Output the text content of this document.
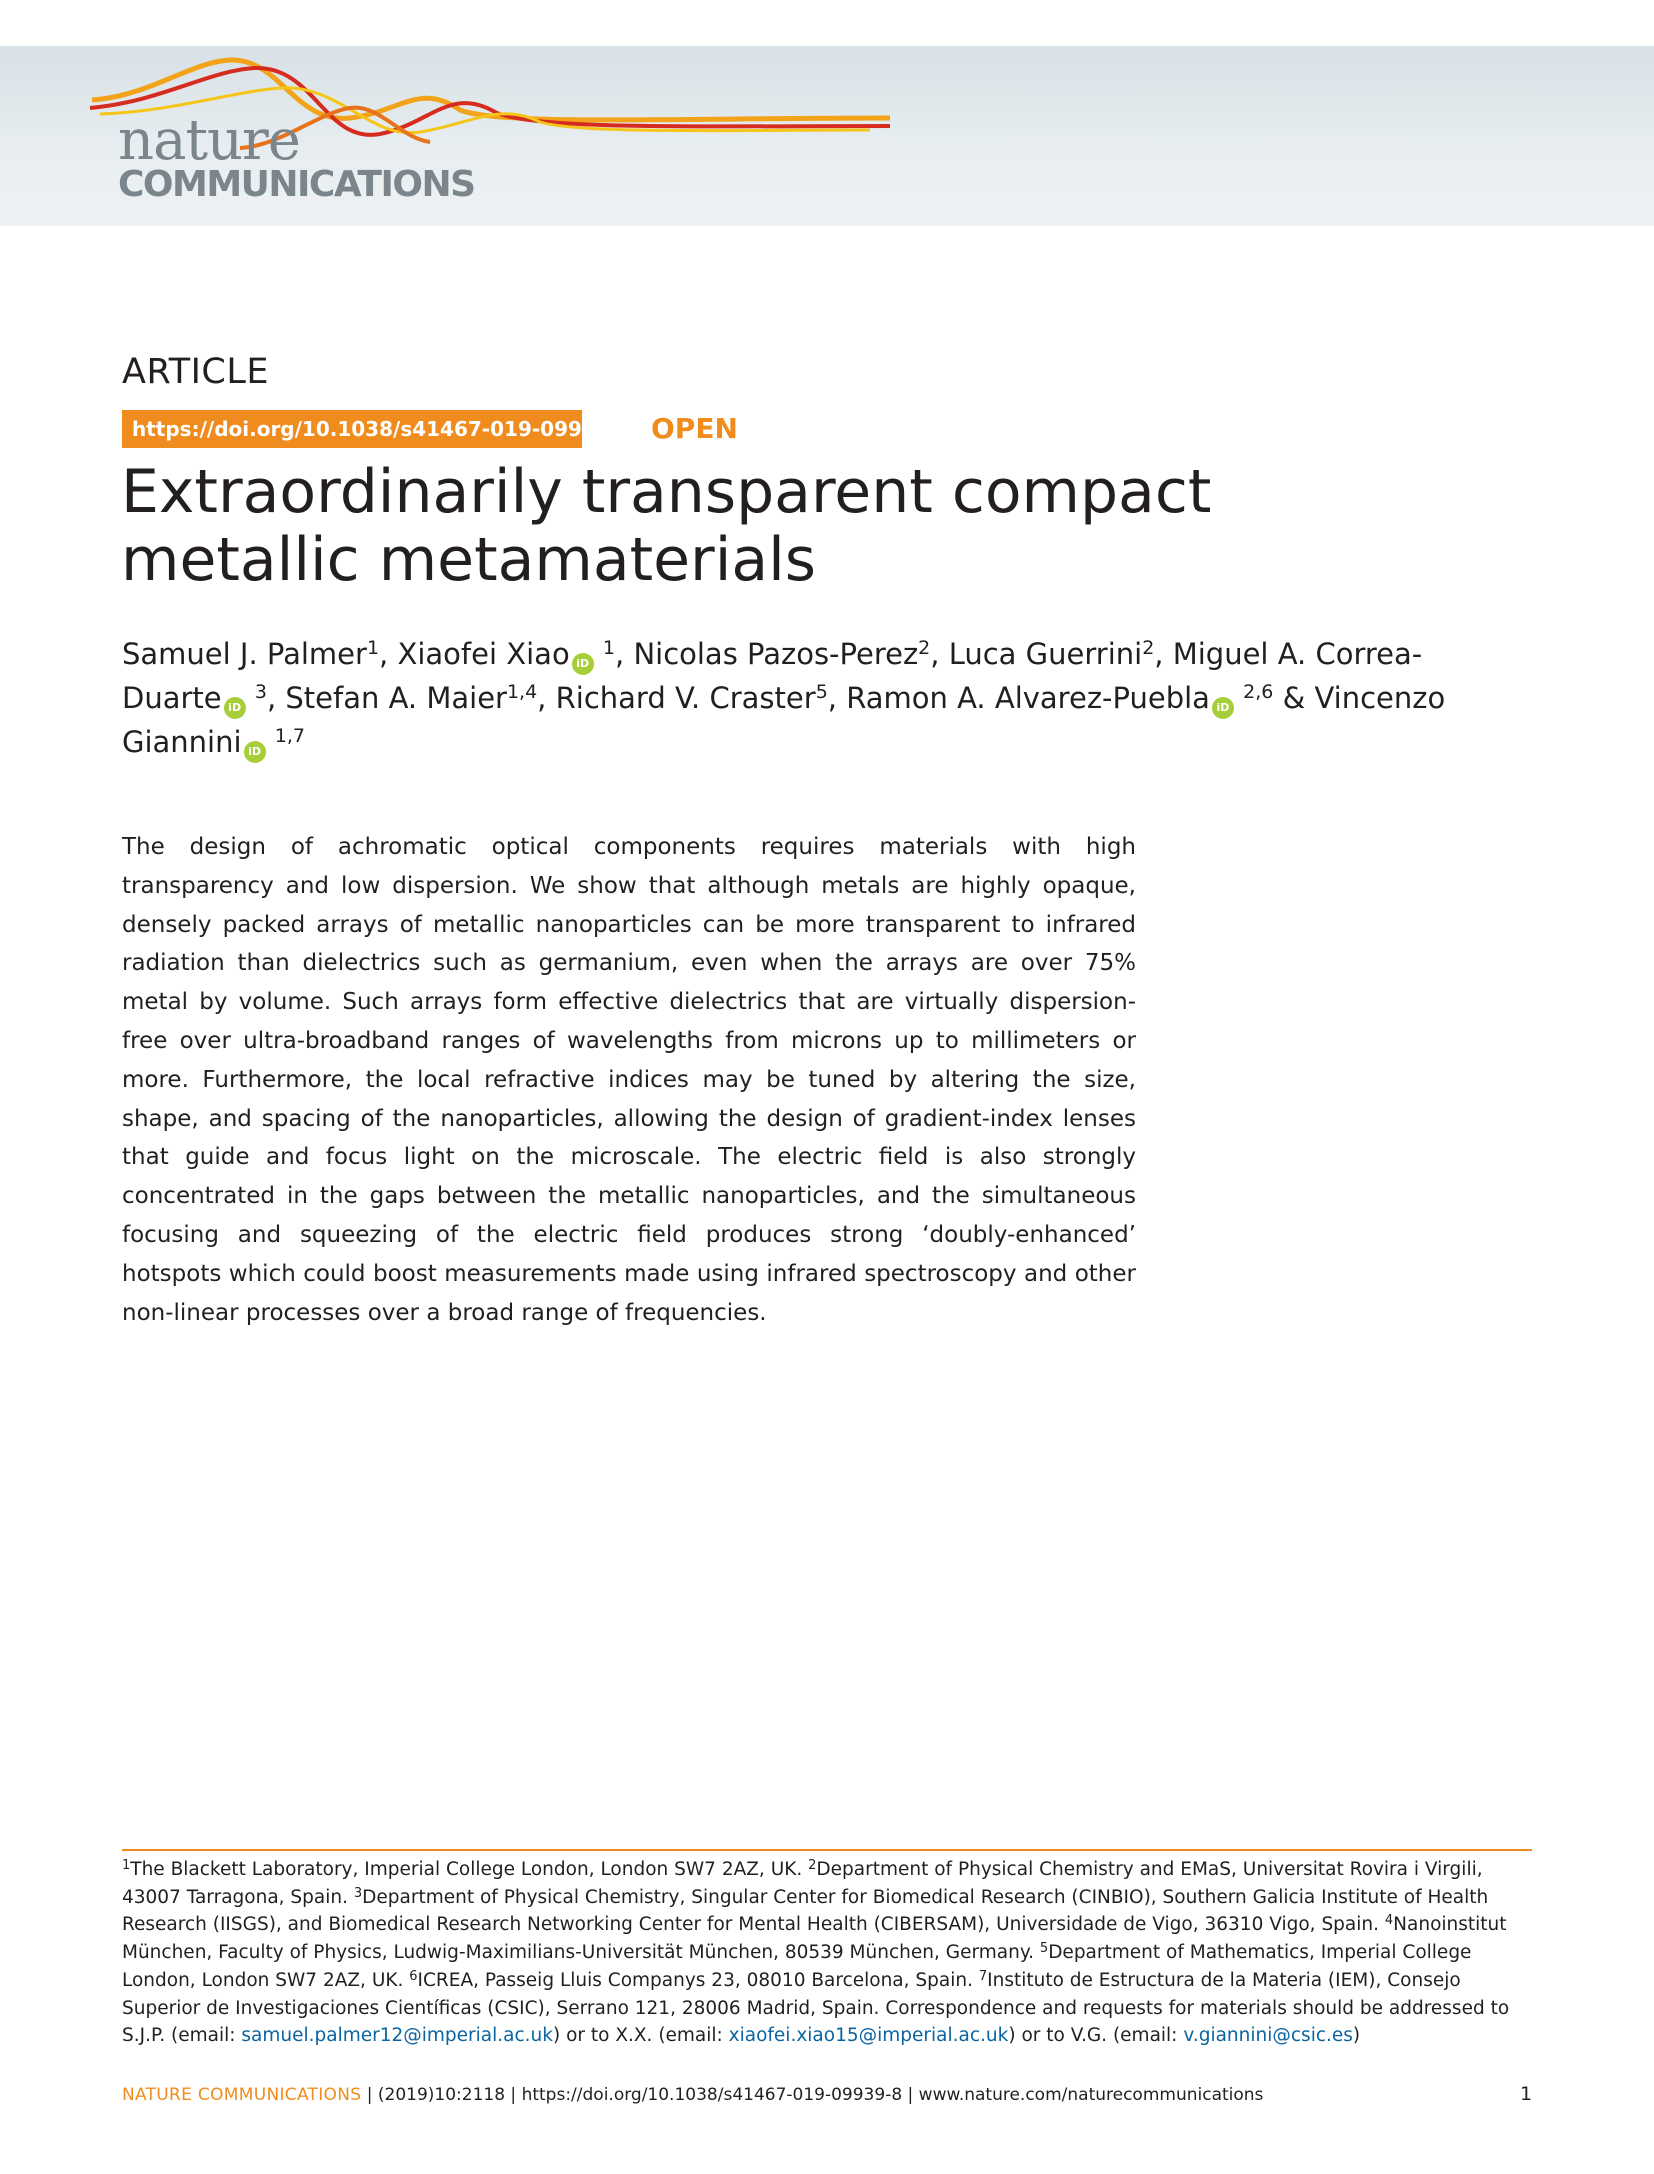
nature
COMMUNICATIONS
ARTICLE
https://doi.org/10.1038/s41467-019-09939-8 OPEN
Extraordinarily transparent compact metallic metamaterials
Samuel J. Palmer$^1$, Xiaofei Xiao iD $^1$, Nicolas Pazos-Perez$^2$, Luca Guerrini$^2$, Miguel A. Correa-Duarte iD $^3$, Stefan A. Maier$^{1,4}$, Richard V. Craster$^5$, Ramon A. Alvarez-Puebla iD $^{2,6}$ & Vincenzo Giannini iD $^{1,7}$

The design of achromatic optical components requires materials with high transparency and low dispersion. We show that although metals are highly opaque, densely packed arrays of metallic nanoparticles can be more transparent to infrared radiation than dielectrics such as germanium, even when the arrays are over 75% metal by volume. Such arrays form effective dielectrics that are virtually dispersion-free over ultra-broadband ranges of wavelengths from microns up to millimeters or more. Furthermore, the local refractive indices may be tuned by altering the size, shape, and spacing of the nanoparticles, allowing the design of gradient-index lenses that guide and focus light on the microscale. The electric field is also strongly concentrated in the gaps between the metallic nanoparticles, and the simultaneous focusing and squeezing of the electric field produces strong ‘doubly-enhanced’ hotspots which could boost measurements made using infrared spectroscopy and other non-linear processes over a broad range of frequencies.

$^1$The Blackett Laboratory, Imperial College London, London SW7 2AZ, UK. $^2$Department of Physical Chemistry and EMaS, Universitat Rovira i Virgili, 43007 Tarragona, Spain. $^3$Department of Physical Chemistry, Singular Center for Biomedical Research (CINBIO), Southern Galicia Institute of Health Research (IISGS), and Biomedical Research Networking Center for Mental Health (CIBERSAM), Universidade de Vigo, 36310 Vigo, Spain. $^4$Nanoinstitut München, Faculty of Physics, Ludwig-Maximilians-Universität München, 80539 München, Germany. $^5$Department of Mathematics, Imperial College London, London SW7 2AZ, UK. $^6$ICREA, Passeig Lluis Companys 23, 08010 Barcelona, Spain. $^7$Instituto de Estructura de la Materia (IEM), Consejo Superior de Investigaciones Científicas (CSIC), Serrano 121, 28006 Madrid, Spain. Correspondence and requests for materials should be addressed to S.J.P. (email: samuel.palmer12@imperial.ac.uk) or to X.X. (email: xiaofei.xiao15@imperial.ac.uk) or to V.G. (email: v.giannini@csic.es)

NATURE COMMUNICATIONS | (2019)10:2118 | https://doi.org/10.1038/s41467-019-09939-8 | www.nature.com/naturecommunications	1
